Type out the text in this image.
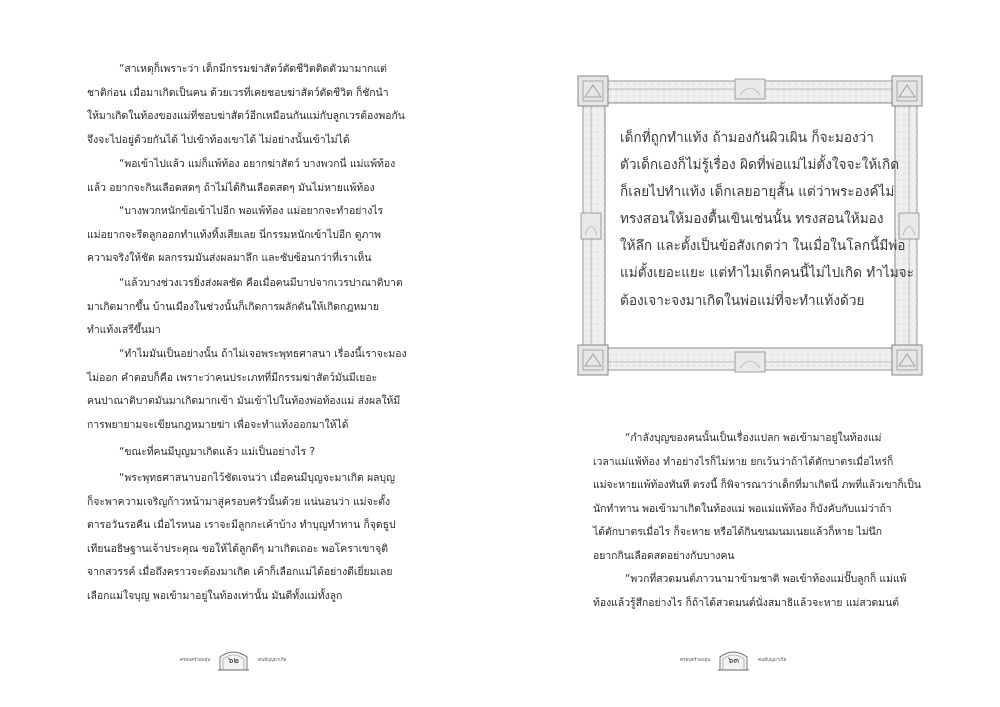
“สาเหตุก็เพราะว่า เด็กมีกรรมฆ่าสัตว์ตัดชีวิตติดตัวมามากแต่
ชาติก่อน เมื่อมาเกิดเป็นคน ด้วยเวรที่เคยชอบฆ่าสัตว์ตัดชีวิต ก็ชักนำ
ให้มาเกิดในท้องของแม่ที่ชอบฆ่าสัตว์อีกเหมือนกันแม่กับลูกเวรต้องพอกัน
จึงจะไปอยู่ด้วยกันได้ ไปเข้าท้องเขาได้ ไม่อย่างนั้นเข้าไม่ได้
“พอเข้าไปแล้ว แม่ก็แพ้ท้อง อยากฆ่าสัตว์ บางพวกนี่ แม่แพ้ท้อง
แล้ว อยากจะกินเลือดสดๆ ถ้าไม่ได้กินเลือดสดๆ มันไม่หายแพ้ท้อง
“บางพวกหนักข้อเข้าไปอีก พอแพ้ท้อง แม่อยากจะทำอย่างไร
แม่อยากจะรีดลูกออกทำแท้งทิ้งเสียเลย นี่กรรมหนักเข้าไปอีก ดูภาพ
ความจริงให้ชัด ผลกรรมมันส่งผลมาลึก และซับซ้อนกว่าที่เราเห็น
“แล้วบางช่วงเวรยิ่งส่งผลชัด คือเมื่อคนมีบาปจากเวรปาณาติบาต
มาเกิดมากขึ้น บ้านเมืองในช่วงนั้นก็เกิดการผลักดันให้เกิดกฎหมาย
ทำแท้งเสรีขึ้นมา
“ทำไมมันเป็นอย่างนั้น ถ้าไม่เจอพระพุทธศาสนา เรื่องนี้เราจะมอง
ไม่ออก คำตอบก็คือ เพราะว่าคนประเภทที่มีกรรมฆ่าสัตว์มันมีเยอะ
คนปาณาติบาตมันมาเกิดมากเข้า มันเข้าไปในท้องพ่อท้องแม่ ส่งผลให้มี
การพยายามจะเขียนกฎหมายฆ่า เพื่อจะทำแท้งออกมาให้ได้
“ขณะที่คนมีบุญมาเกิดแล้ว แม่เป็นอย่างไร ?
“พระพุทธศาสนาบอกไว้ชัดเจนว่า เมื่อคนมีบุญจะมาเกิด ผลบุญ
ก็จะพาความเจริญก้าวหน้ามาสู่ครอบครัวนั้นด้วย แน่นอนว่า แม่จะตั้ง
ตารอวันรอคืน เมื่อไรหนอ เราจะมีลูกกะเค้าบ้าง ทำบุญทำทาน ก็จุดธูป
เทียนอธิษฐานเจ้าประคุณ ขอให้ได้ลูกดีๆ มาเกิดเถอะ พอโคราเขาจุติ
จากสวรรค์ เมื่อถึงคราวจะต้องมาเกิด เค้าก็เลือกแม่ได้อย่างดีเยี่ยมเลย
เลือกแม่ใจบุญ พอเข้ามาอยู่ในท้องเท่านั้น มันดีทั้งแม่ทั้งลูก
ครอบครัวอบอุ่น	๖๒	คนมีบุญมาเกิด
เด็กที่ถูกทำแท้ง ถ้ามองกันผิวเผิน ก็จะมองว่า
ตัวเด็กเองก็ไม่รู้เรื่อง ผิดที่พ่อแม่ไม่ตั้งใจจะให้เกิด
ก็เลยไปทำแท้ง เด็กเลยอายุสั้น แต่ว่าพระองค์ไม่
ทรงสอนให้มองตื้นเขินเช่นนั้น ทรงสอนให้มอง
ให้ลึก และตั้งเป็นข้อสังเกตว่า ในเมื่อในโลกนี้มีพ่อ
แม่ตั้งเยอะแยะ แต่ทำไมเด็กคนนี้ไม่ไปเกิด ทำไมจะ
ต้องเจาะจงมาเกิดในพ่อแม่ที่จะทำแท้งด้วย
“กำลังบุญของคนนั้นเป็นเรื่องแปลก พอเข้ามาอยู่ในท้องแม่
เวลาแม่แพ้ท้อง ทำอย่างไรก็ไม่หาย ยกเว้นว่าถ้าได้ตักบาตรเมื่อไหร่ก็
แม่จะหายแพ้ท้องทันที ตรงนี้ ก็พิจารณาว่าเด็กที่มาเกิดนี่ ภพที่แล้วเขาก็เป็น
นักทำทาน พอเข้ามาเกิดในท้องแม่ พอแม่แพ้ท้อง ก็บังคับกับแม่ว่าถ้า
ได้ตักบาตรเมื่อไร ก็จะหาย หรือได้กินขนมนมเนยแล้วก็หาย ไม่นึก
อยากกินเลือดสดอย่างกับบางคน
“พวกที่สวดมนต์ภาวนามาข้ามชาติ พอเข้าท้องแม่ปั๊บลูกก็ แม่แพ้
ท้องแล้วรู้สึกอย่างไร ก็ถ้าได้สวดมนต์นั่งสมาธิแล้วจะหาย แม่สวดมนต์
ครอบครัวอบอุ่น	๖๓	คนมีบุญมาเกิด
